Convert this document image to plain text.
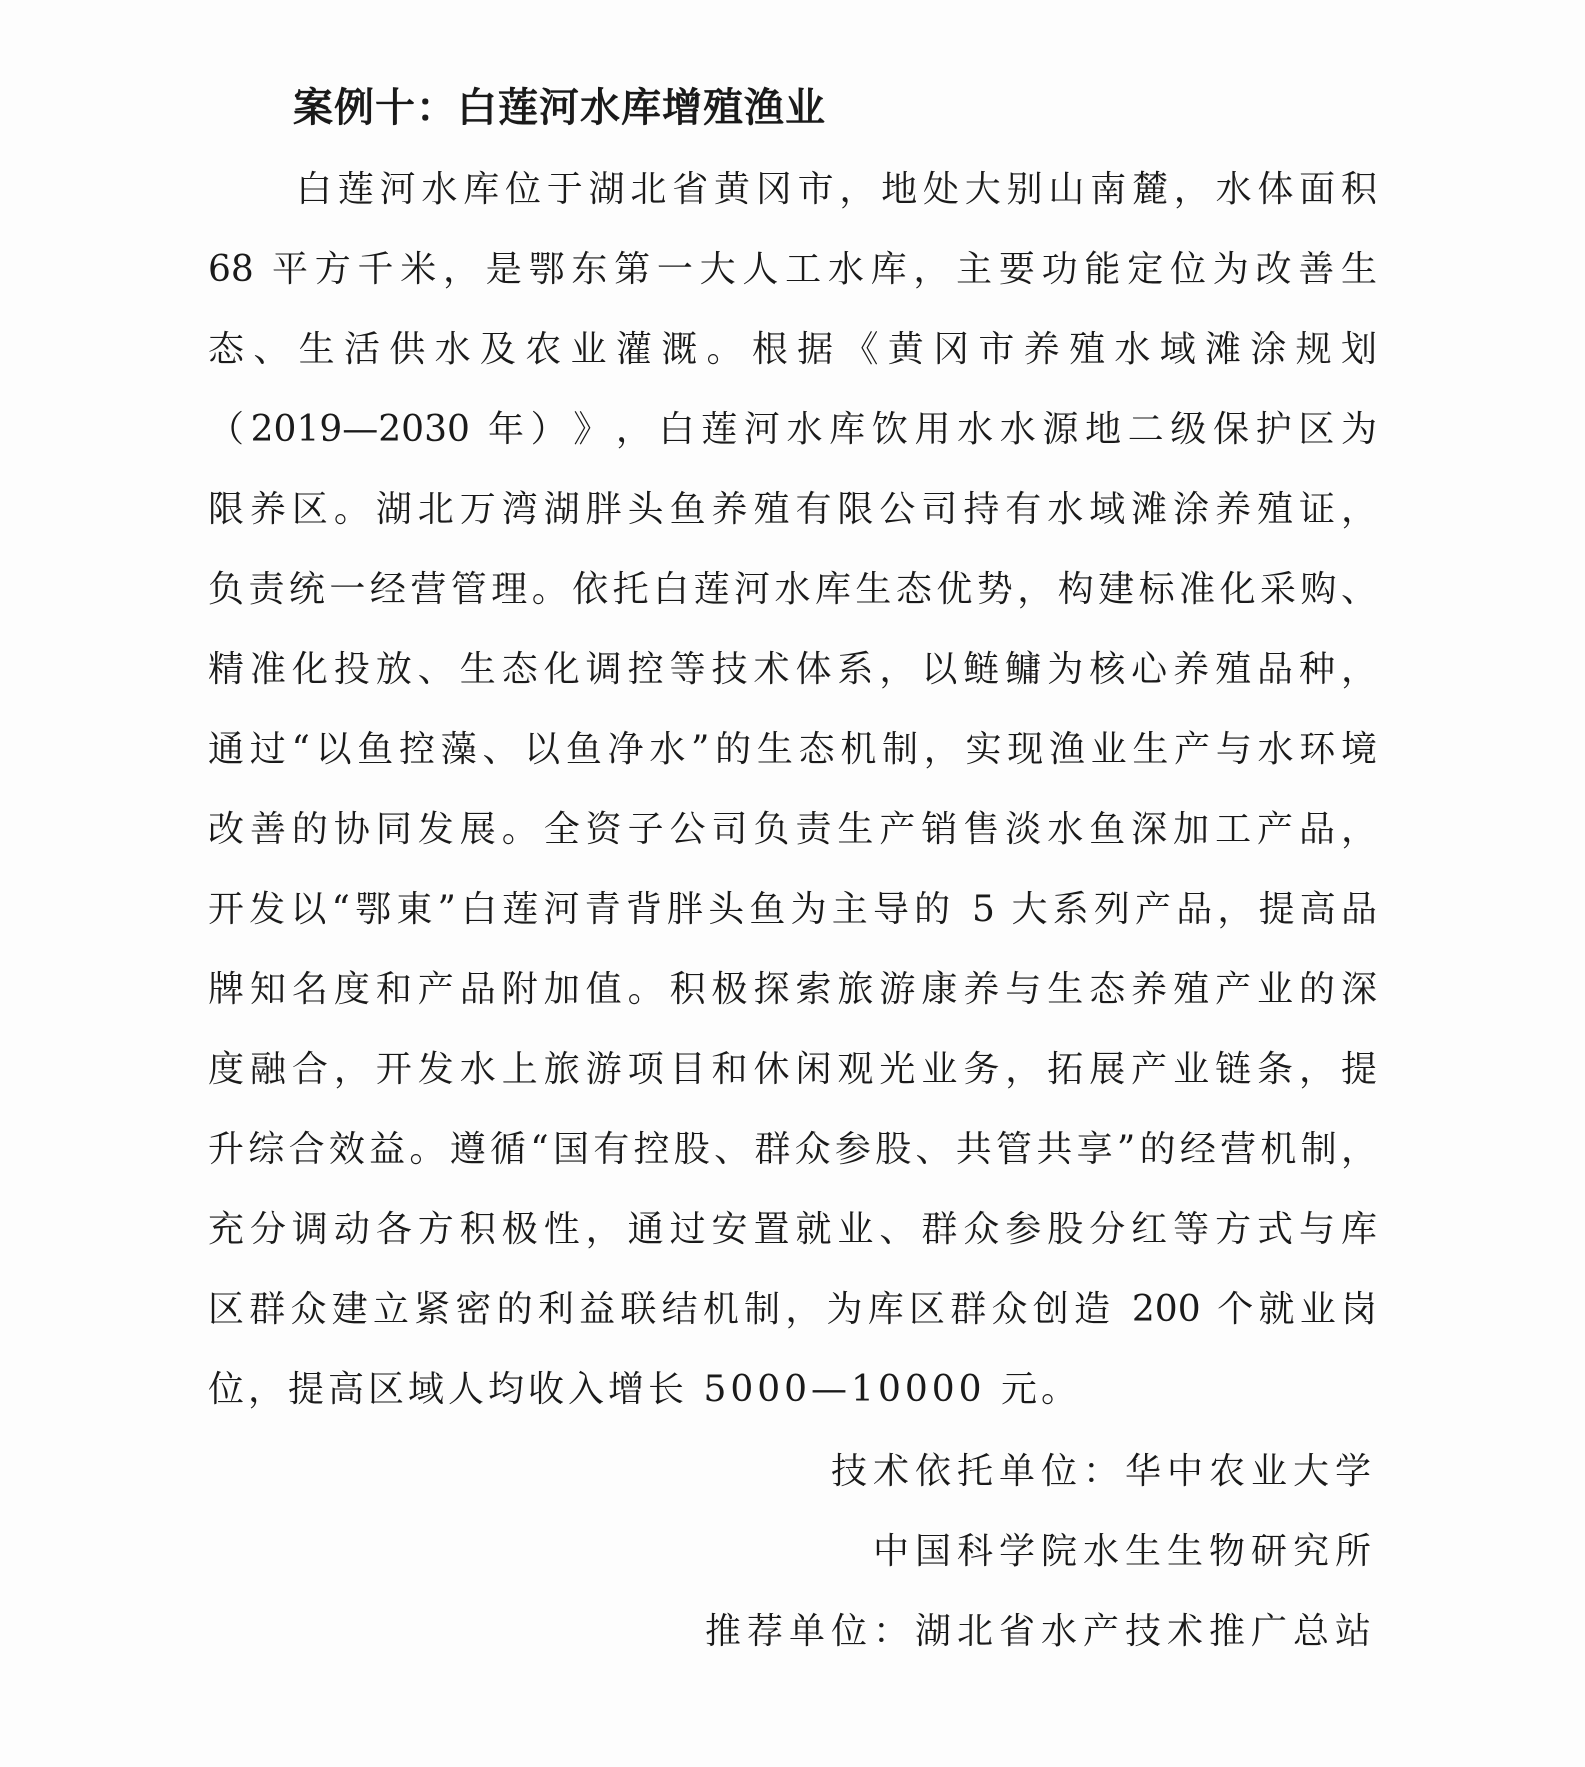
案例十：白莲河水库增殖渔业
白​莲​河​水​库​位​于​湖​北​省​黄​冈​市​，​地​处​大​别​山​南​麓​，​水​体​面​积
6​8​ ​平​方​千​米​，​是​鄂​东​第​一​大​人​工​水​库​，​主​要​功​能​定​位​为​改​善​生
态​、​生​活​供​水​及​农​业​灌​溉​。​根​据​《​黄​冈​市​养​殖​水​域​滩​涂​规​划
（​2​0​1​9​—​2​0​3​0​ ​年​）​》​，​白​莲​河​水​库​饮​用​水​水​源​地​二​级​保​护​区​为
限​养​区​。​湖​北​万​湾​湖​胖​头​鱼​养​殖​有​限​公​司​持​有​水​域​滩​涂​养​殖​证​，
负​责​统​一​经​营​管​理​。​依​托​白​莲​河​水​库​生​态​优​势​，​构​建​标​准​化​采​购​、
精​准​化​投​放​、​生​态​化​调​控​等​技​术​体​系​，​以​鲢​鳙​为​核​心​养​殖​品​种​，
通​过​“​以​鱼​控​藻​、​以​鱼​净​水​”​的​生​态​机​制​，​实​现​渔​业​生​产​与​水​环​境
改​善​的​协​同​发​展​。​全​资​子​公​司​负​责​生​产​销​售​淡​水​鱼​深​加​工​产​品​，
开​发​以​“​鄂​東​”​白​莲​河​青​背​胖​头​鱼​为​主​导​的​ ​5​ ​大​系​列​产​品​，​提​高​品
牌​知​名​度​和​产​品​附​加​值​。​积​极​探​索​旅​游​康​养​与​生​态​养​殖​产​业​的​深
度​融​合​，​开​发​水​上​旅​游​项​目​和​休​闲​观​光​业​务​，​拓​展​产​业​链​条​，​提
升​综​合​效​益​。​遵​循​“​国​有​控​股​、​群​众​参​股​、​共​管​共​享​”​的​经​营​机​制​，
充​分​调​动​各​方​积​极​性​，​通​过​安​置​就​业​、​群​众​参​股​分​红​等​方​式​与​库
区​群​众​建​立​紧​密​的​利​益​联​结​机​制​，​为​库​区​群​众​创​造​ ​2​0​0​ ​个​就​业​岗
位，提高区域人均收入增长 5000—10000 元。
技术依托单位：华中农业大学
中国科学院水生生物研究所
推荐单位：湖北省水产技术推广总站
